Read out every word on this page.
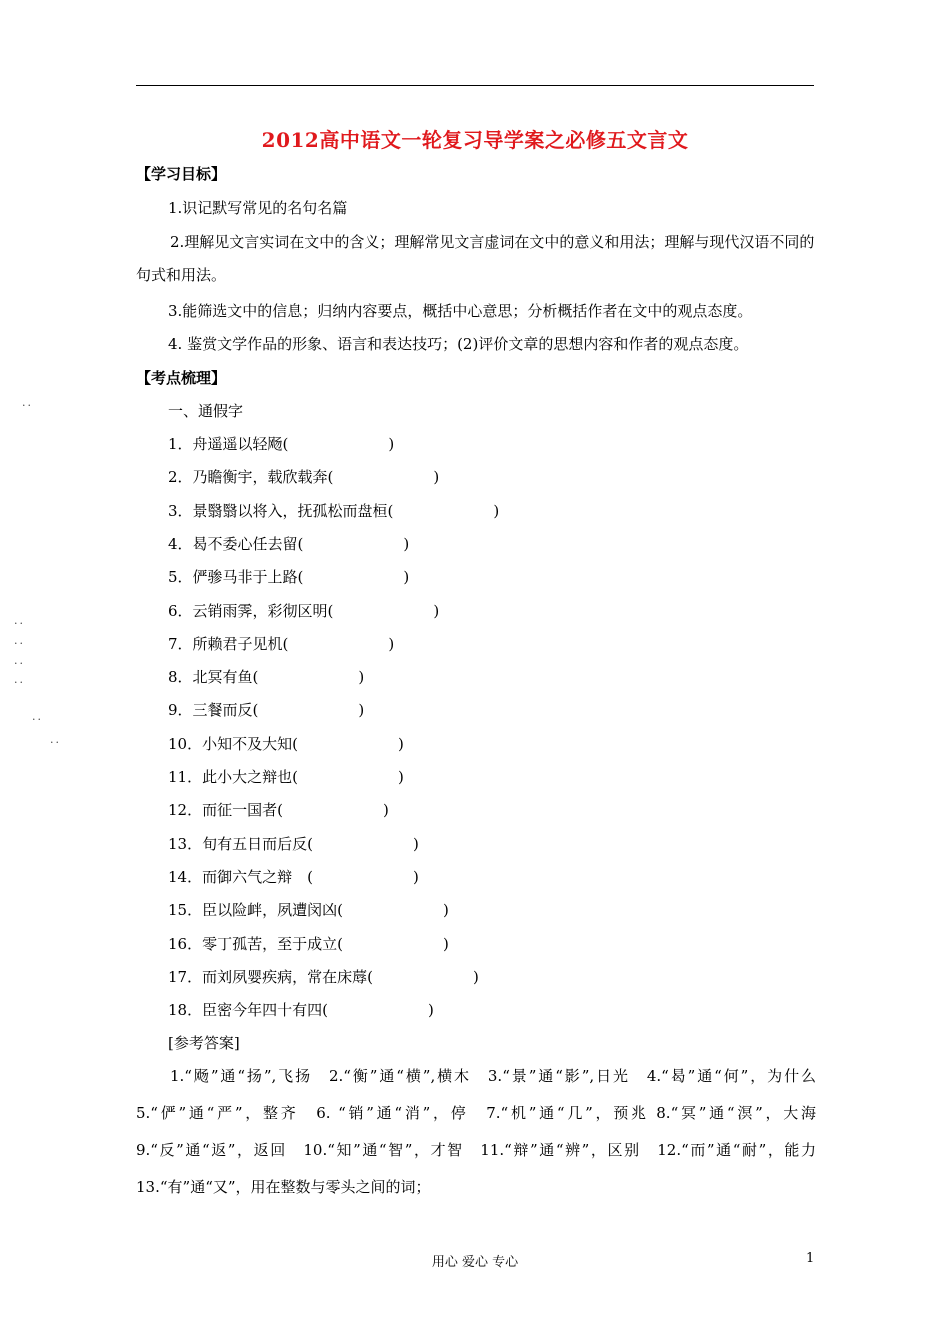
2012高中语文一轮复习导学案之必修五文言文
【学习目标】
1.识记默写常见的名句名篇
2.理解见文言实词在文中的含义；理解常见文言虚词在文中的意义和用法；理解与现代汉语不同的句式和用法。
3.能筛选文中的信息；归纳内容要点，概括中心意思；分析概括作者在文中的观点态度。
4. 鉴赏文学作品的形象、语言和表达技巧；(2)评价文章的思想内容和作者的观点态度。
【考点梳理】
一、通假字
1．舟遥遥以轻飏(	)
2．乃瞻衡宇，载欣载奔(	)
3．景翳翳以将入，抚孤松而盘桓(	)
4．曷不委心任去留(	)
5．俨骖马非于上路(	)
6．云销雨霁，彩彻区明(	)
7．所赖君子见机(	)
8．北冥有鱼(	)
9．三餐而反(	)
10．小知不及大知(	)
11．此小大之辩也(	)
12．而征一国者(	)
13．旬有五日而后反(	)
14．而御六气之辩　(	)
15．臣以险衅，夙遭闵凶(	)
16．零丁孤苦，至于成立(	)
17．而刘夙婴疾病，常在床蓐(	)
18．臣密今年四十有四(	)
[参考答案]
1.“飏”通“扬”,飞扬　2.“衡”通“横”,横木　3.“景”通“影”,日光　4.“曷”通“何”，为什么　5.“俨”通“严”，整齐　6. “销”通“消”，停　7.“机”通“几”，预兆 8.“冥”通“溟”，大海　9.“反”通“返”，返回　10.“知”通“智”，才智　11.“辩”通“辨”，区别　12.“而”通“耐”，能力　13.“有”通“又”，用在整数与零头之间的词；
..
..
..
..
..
..
..
用心 爱心 专心	1
